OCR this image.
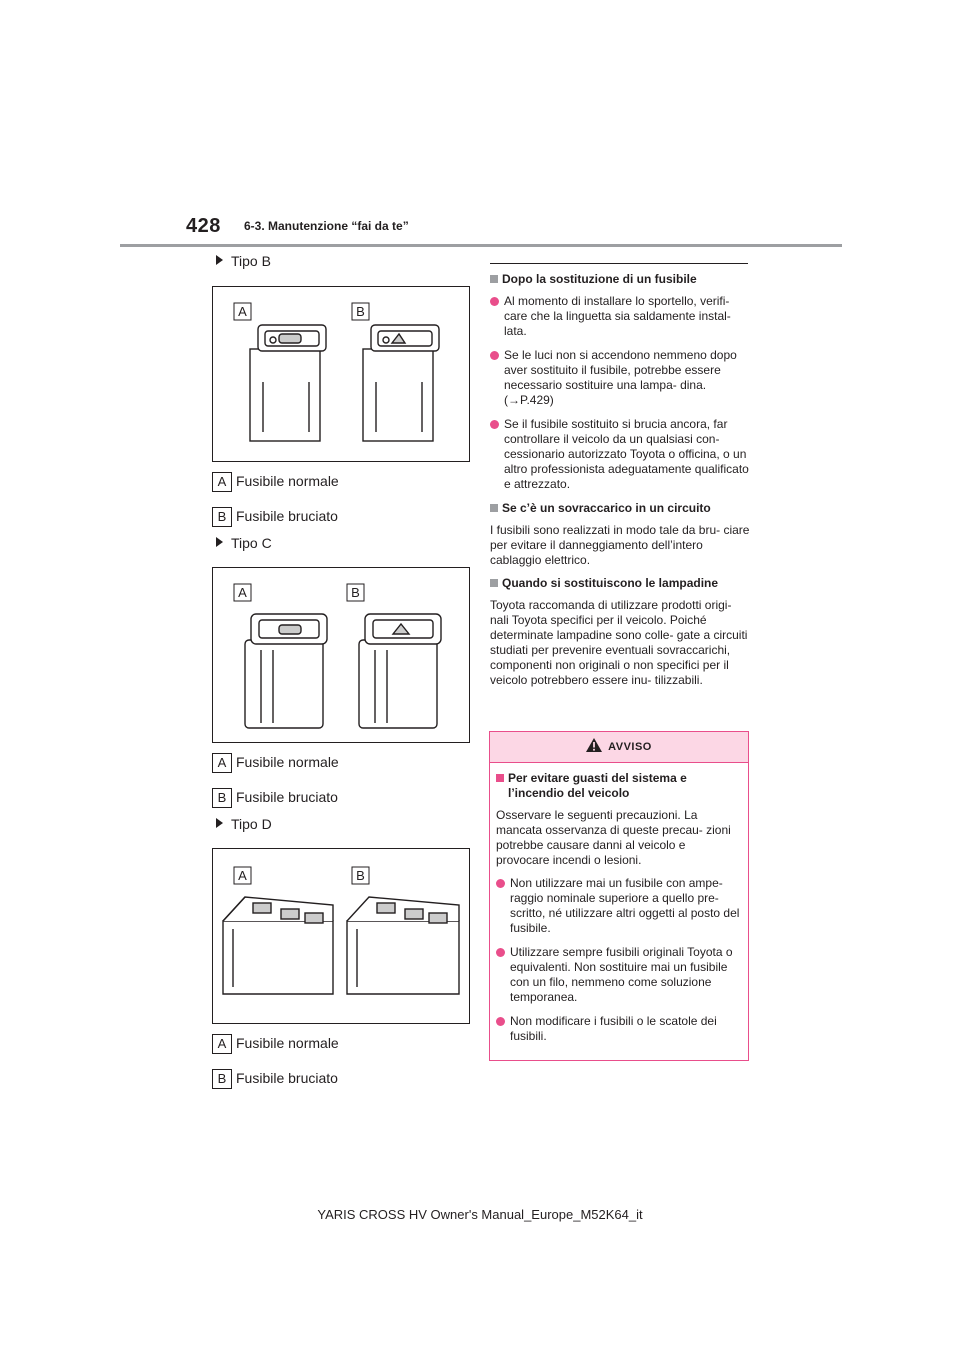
428 6-3. Manutenzione “fai da te”
Tipo B
A	B
A Fusibile normale
B Fusibile bruciato
Tipo C
A	B
A Fusibile normale
B Fusibile bruciato
Tipo D
A	B
A Fusibile normale
B Fusibile bruciato
Dopo la sostituzione di un fusibile
Al momento di installare lo sportello, verifi- care che la linguetta sia saldamente instal- lata.
Se le luci non si accendono nemmeno dopo aver sostituito il fusibile, potrebbe essere necessario sostituire una lampa- dina. (→P.429)
Se il fusibile sostituito si brucia ancora, far controllare il veicolo da un qualsiasi con- cessionario autorizzato Toyota o officina, o un altro professionista adeguatamente qualificato e attrezzato.
Se c’è un sovraccarico in un circuito
I fusibili sono realizzati in modo tale da bru- ciare per evitare il danneggiamento dell’intero cablaggio elettrico.
Quando si sostituiscono le lampadine
Toyota raccomanda di utilizzare prodotti origi- nali Toyota specifici per il veicolo. Poiché determinate lampadine sono colle- gate a circuiti studiati per prevenire eventuali sovraccarichi, componenti non originali o non specifici per il veicolo potrebbero essere inu- tilizzabili.
AVVISO
Per evitare guasti del sistema e l’incendio del veicolo
Osservare le seguenti precauzioni. La mancata osservanza di queste precau- zioni potrebbe causare danni al veicolo e provocare incendi o lesioni.
Non utilizzare mai un fusibile con ampe- raggio nominale superiore a quello pre- scritto, né utilizzare altri oggetti al posto del fusibile.
Utilizzare sempre fusibili originali Toyota o equivalenti. Non sostituire mai un fusibile con un filo, nemmeno come soluzione temporanea.
Non modificare i fusibili o le scatole dei fusibili.
YARIS CROSS HV Owner's Manual_Europe_M52K64_it
